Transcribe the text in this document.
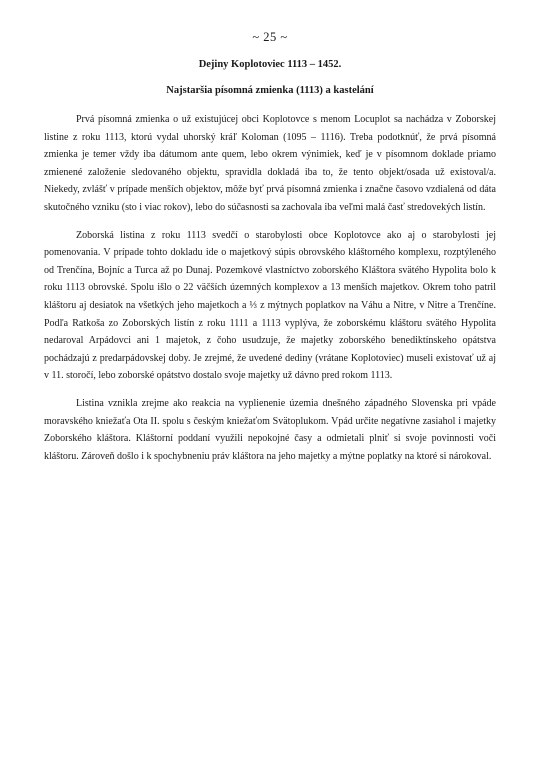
~ 25 ~
Dejiny Koplotoviec 1113 – 1452.
Najstaršia písomná zmienka (1113) a kastelání

Prvá písomná zmienka o už existujúcej obci Koplotovce s menom Locuplot sa nachádza v Zoborskej listine z roku 1113, ktorú vydal uhorský kráľ Koloman (1095 – 1116). Treba podotknúť, že prvá písomná zmienka je temer vždy iba dátumom ante quem, lebo okrem výnimiek, keď je v písomnom doklade priamo zmienené založenie sledovaného objektu, spravidla dokladá iba to, že tento objekt/osada už existoval/a. Niekedy, zvlášť v prípade menších objektov, môže byť prvá písomná zmienka i značne časovo vzdialená od dáta skutočného vzniku (sto i viac rokov), lebo do súčasnosti sa zachovala iba veľmi malá časť stredovekých listín.

Zoborská listina z roku 1113 svedčí o starobylosti obce Koplotovce ako aj o starobylosti jej pomenovania. V prípade tohto dokladu ide o majetkový súpis obrovského kláštorného komplexu, rozptýleného od Trenčína, Bojníc a Turca až po Dunaj. Pozemkové vlastníctvo zoborského Kláštora svätého Hypolita bolo k roku 1113 obrovské. Spolu išlo o 22 väčších územných komplexov a 13 menších majetkov. Okrem toho patril kláštoru aj desiatok na všetkých jeho majetkoch a ⅓ z mýtnych poplatkov na Váhu a Nitre, v Nitre a Trenčíne. Podľa Ratkoša zo Zoborských listín z roku 1111 a 1113 vyplýva, že zoborskému kláštoru svätého Hypolita nedaroval Arpádovci ani 1 majetok, z čoho usudzuje, že majetky zoborského benediktínskeho opátstva pochádzajú z predarpádovskej doby. Je zrejmé, že uvedené dediny (vrátane Koplotoviec) museli existovať už aj v 11. storočí, lebo zoborské opátstvo dostalo svoje majetky už dávno pred rokom 1113.

Listina vznikla zrejme ako reakcia na vyplienenie územia dnešného západného Slovenska pri vpáde moravského kniežaťa Ota II. spolu s českým kniežaťom Svätoplukom. Vpád určite negatívne zasiahol i majetky Zoborského kláštora. Kláštorní poddaní využili nepokojné časy a odmietali plniť si svoje povinnosti voči kláštoru. Zároveň došlo i k spochybneniu práv kláštora na jeho majetky a mýtne poplatky na ktoré si nárokoval.
